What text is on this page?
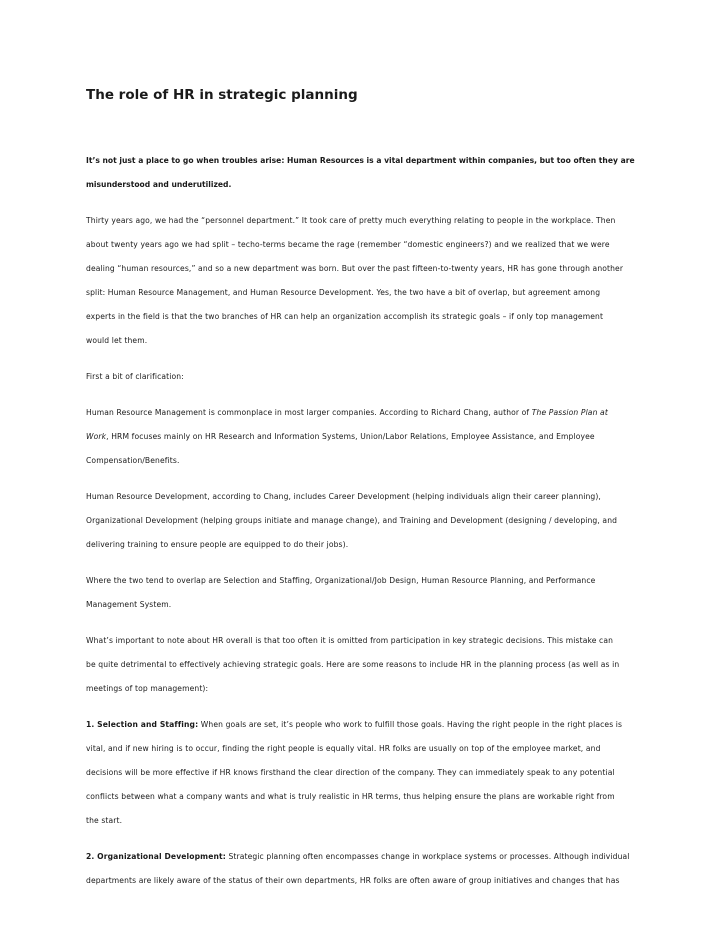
The role of HR in strategic planning

It’s not just a place to go when troubles arise: Human Resources is a vital department within companies, but too often they are
misunderstood and underutilized.

Thirty years ago, we had the “personnel department.” It took care of pretty much everything relating to people in the workplace. Then
about twenty years ago we had split – techo-terms became the rage (remember “domestic engineers?) and we realized that we were
dealing “human resources,” and so a new department was born. But over the past fifteen-to-twenty years, HR has gone through another
split: Human Resource Management, and Human Resource Development. Yes, the two have a bit of overlap, but agreement among
experts in the field is that the two branches of HR can help an organization accomplish its strategic goals – if only top management
would let them.

First a bit of clarification:

Human Resource Management is commonplace in most larger companies. According to Richard Chang, author of The Passion Plan at
Work, HRM focuses mainly on HR Research and Information Systems, Union/Labor Relations, Employee Assistance, and Employee
Compensation/Benefits.

Human Resource Development, according to Chang, includes Career Development (helping individuals align their career planning),
Organizational Development (helping groups initiate and manage change), and Training and Development (designing / developing, and
delivering training to ensure people are equipped to do their jobs).

Where the two tend to overlap are Selection and Staffing, Organizational/Job Design, Human Resource Planning, and Performance
Management System.

What’s important to note about HR overall is that too often it is omitted from participation in key strategic decisions. This mistake can
be quite detrimental to effectively achieving strategic goals. Here are some reasons to include HR in the planning process (as well as in
meetings of top management):

1. Selection and Staffing: When goals are set, it’s people who work to fulfill those goals. Having the right people in the right places is
vital, and if new hiring is to occur, finding the right people is equally vital. HR folks are usually on top of the employee market, and
decisions will be more effective if HR knows firsthand the clear direction of the company. They can immediately speak to any potential
conflicts between what a company wants and what is truly realistic in HR terms, thus helping ensure the plans are workable right from
the start.

2. Organizational Development: Strategic planning often encompasses change in workplace systems or processes. Although individual
departments are likely aware of the status of their own departments, HR folks are often aware of group initiatives and changes that has
